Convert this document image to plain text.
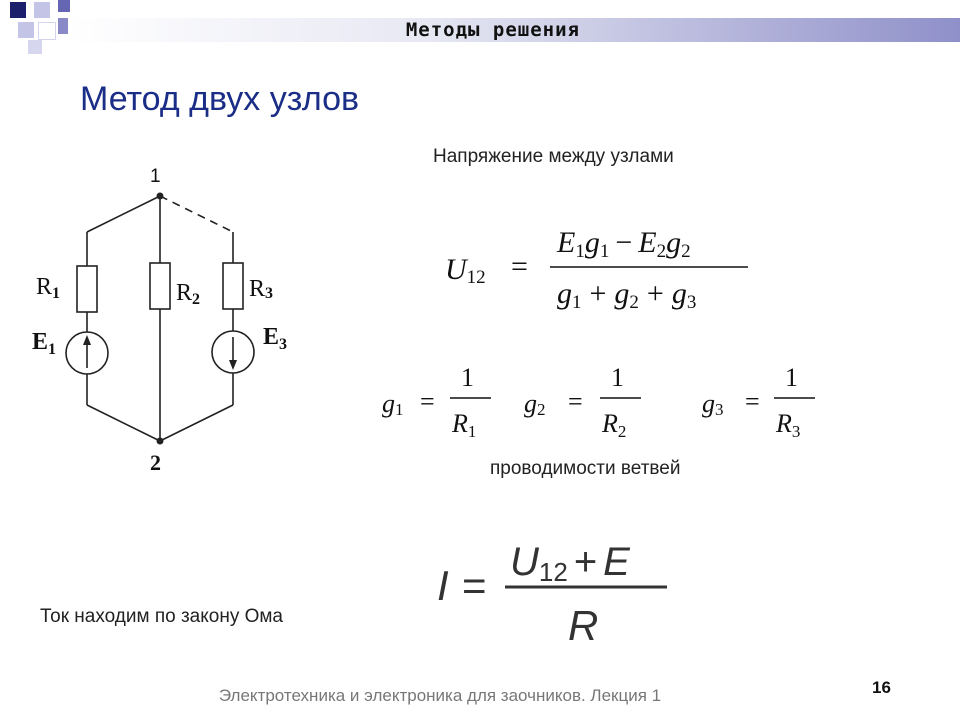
Методы решения
Метод двух узлов
1
2
R1	R2 R3
$E_1$	$E_3$
U12 =
E1g1 − E2g2
g1 + g2 + g3
g1 =
1
R1
g2 =
1
R2
g3 =
1
R3
I = U12 + E
R
Напряжение между узлами
проводимости ветвей
Ток находим по закону Ома
Электротехника и электроника для заочников. Лекция 1	16
